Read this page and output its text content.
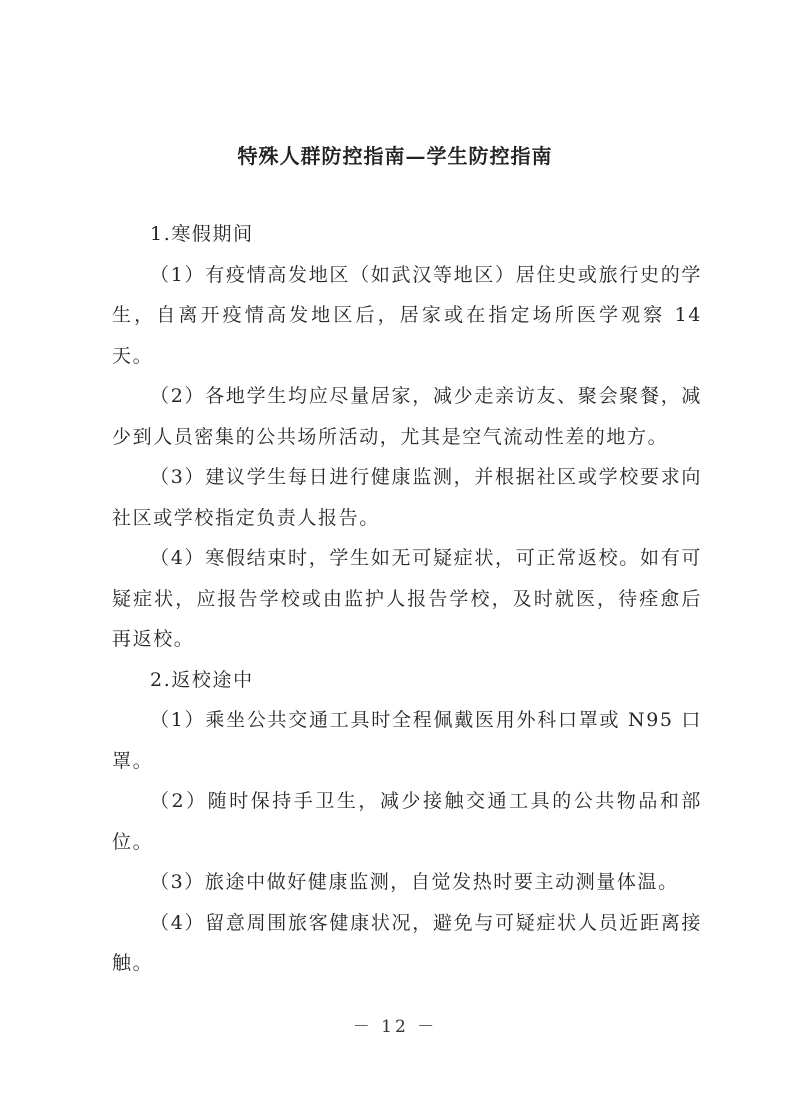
特殊人群防控指南—学生防控指南

1.寒假期间

（1）有疫情高发地区（如武汉等地区）居住史或旅行史的学生，自离开疫情高发地区后，居家或在指定场所医学观察 14 天。

（2）各地学生均应尽量居家，减少走亲访友、聚会聚餐，减少到人员密集的公共场所活动，尤其是空气流动性差的地方。

（3）建议学生每日进行健康监测，并根据社区或学校要求向社区或学校指定负责人报告。

（4）寒假结束时，学生如无可疑症状，可正常返校。如有可疑症状，应报告学校或由监护人报告学校，及时就医，待痊愈后再返校。

2.返校途中

（1）乘坐公共交通工具时全程佩戴医用外科口罩或 N95 口罩。

（2）随时保持手卫生，减少接触交通工具的公共物品和部位。

（3）旅途中做好健康监测，自觉发热时要主动测量体温。

（4）留意周围旅客健康状况，避免与可疑症状人员近距离接触。

－ 12 －
